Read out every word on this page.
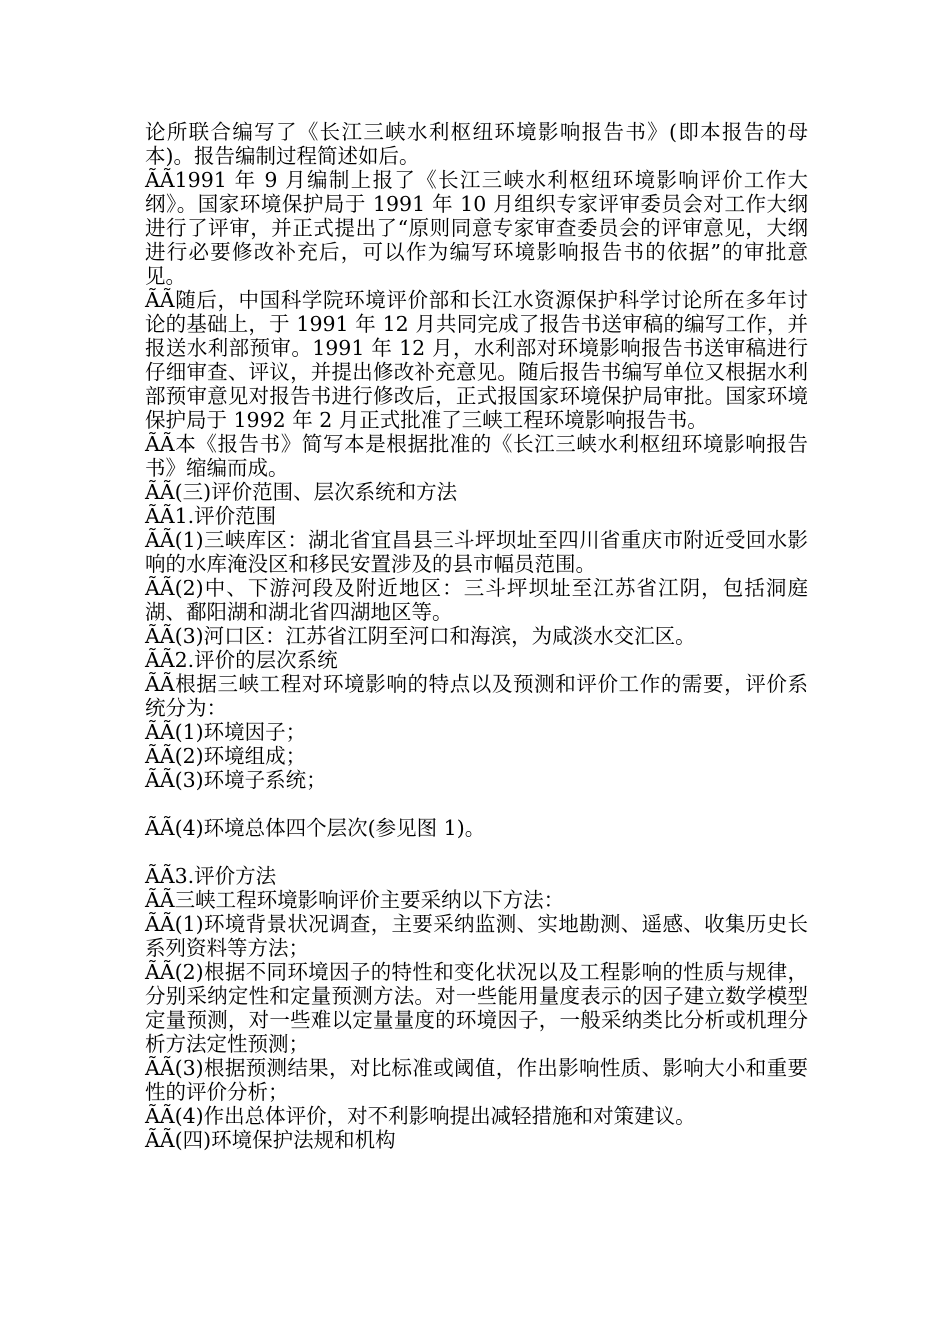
论所联合编写了《长江三峡水利枢纽环境影响报告书》(即本报告的母本)。报告编制过程简述如后。

ÃÃ1991 年 9 月编制上报了《长江三峡水利枢纽环境影响评价工作大纲》。国家环境保护局于 1991 年 10 月组织专家评审委员会对工作大纲进行了评审，并正式提出了“原则同意专家审查委员会的评审意见，大纲进行必要修改补充后，可以作为编写环境影响报告书的依据”的审批意见。

ÃÃ随后，中国科学院环境评价部和长江水资源保护科学讨论所在多年讨论的基础上，于 1991 年 12 月共同完成了报告书送审稿的编写工作，并报送水利部预审。1991 年 12 月，水利部对环境影响报告书送审稿进行仔细审查、评议，并提出修改补充意见。随后报告书编写单位又根据水利部预审意见对报告书进行修改后，正式报国家环境保护局审批。国家环境保护局于 1992 年 2 月正式批准了三峡工程环境影响报告书。

ÃÃ本《报告书》简写本是根据批准的《长江三峡水利枢纽环境影响报告书》缩编而成。

ÃÃ(三)评价范围、层次系统和方法

ÃÃ1.评价范围

ÃÃ(1)三峡库区：湖北省宜昌县三斗坪坝址至四川省重庆市附近受回水影响的水库淹没区和移民安置涉及的县市幅员范围。

ÃÃ(2)中、下游河段及附近地区：三斗坪坝址至江苏省江阴，包括洞庭湖、鄱阳湖和湖北省四湖地区等。

ÃÃ(3)河口区：江苏省江阴至河口和海滨，为咸淡水交汇区。

ÃÃ2.评价的层次系统

ÃÃ根据三峡工程对环境影响的特点以及预测和评价工作的需要，评价系统分为：

ÃÃ(1)环境因子；

ÃÃ(2)环境组成；

ÃÃ(3)环境子系统；

ÃÃ(4)环境总体四个层次(参见图 1)。

ÃÃ3.评价方法

ÃÃ三峡工程环境影响评价主要采纳以下方法：

ÃÃ(1)环境背景状况调查，主要采纳监测、实地勘测、遥感、收集历史长系列资料等方法；

ÃÃ(2)根据不同环境因子的特性和变化状况以及工程影响的性质与规律，分别采纳定性和定量预测方法。对一些能用量度表示的因子建立数学模型定量预测，对一些难以定量量度的环境因子，一般采纳类比分析或机理分析方法定性预测；

ÃÃ(3)根据预测结果，对比标准或阈值，作出影响性质、影响大小和重要性的评价分析；

ÃÃ(4)作出总体评价，对不利影响提出减轻措施和对策建议。

ÃÃ(四)环境保护法规和机构
